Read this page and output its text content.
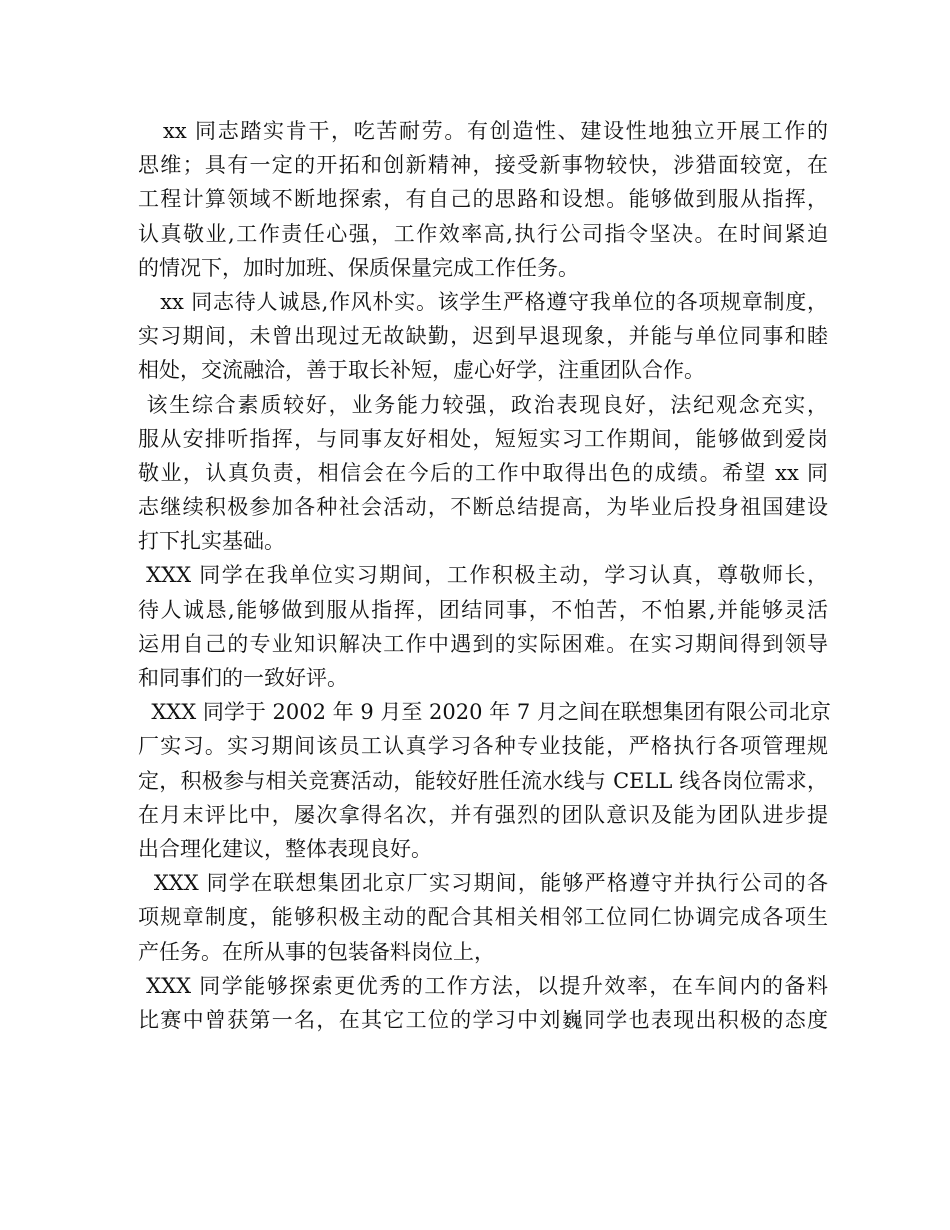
xx 同志踏实肯干，吃苦耐劳。有创造性、建设性地独立开展工作的
思维；具有一定的开拓和创新精神，接受新事物较快，涉猎面较宽，在
工程计算领域不断地探索，有自己的思路和设想。能够做到服从指挥，
认真敬业,工作责任心强，工作效率高,执行公司指令坚决。在时间紧迫
的情况下，加时加班、保质保量完成工作任务。
xx 同志待人诚恳,作风朴实。该学生严格遵守我单位的各项规章制度，
实习期间，未曾出现过无故缺勤，迟到早退现象，并能与单位同事和睦
相处，交流融洽，善于取长补短，虚心好学，注重团队合作。
该生综合素质较好，业务能力较强，政治表现良好，法纪观念充实，
服从安排听指挥，与同事友好相处，短短实习工作期间，能够做到爱岗
敬业，认真负责，相信会在今后的工作中取得出色的成绩。希望 xx 同
志继续积极参加各种社会活动，不断总结提高，为毕业后投身祖国建设
打下扎实基础。
XXX 同学在我单位实习期间，工作积极主动，学习认真，尊敬师长，
待人诚恳,能够做到服从指挥，团结同事，不怕苦，不怕累,并能够灵活
运用自己的专业知识解决工作中遇到的实际困难。在实习期间得到领导
和同事们的一致好评。
XXX 同学于 2002 年 9 月至 2020 年 7 月之间在联想集团有限公司北京
厂实习。实习期间该员工认真学习各种专业技能，严格执行各项管理规
定，积极参与相关竞赛活动，能较好胜任流水线与 CELL 线各岗位需求，
在月末评比中，屡次拿得名次，并有强烈的团队意识及能为团队进步提
出合理化建议，整体表现良好。
XXX 同学在联想集团北京厂实习期间，能够严格遵守并执行公司的各
项规章制度，能够积极主动的配合其相关相邻工位同仁协调完成各项生
产任务。在所从事的包装备料岗位上，
XXX 同学能够探索更优秀的工作方法，以提升效率，在车间内的备料
比赛中曾获第一名，在其它工位的学习中刘巍同学也表现出积极的态度
